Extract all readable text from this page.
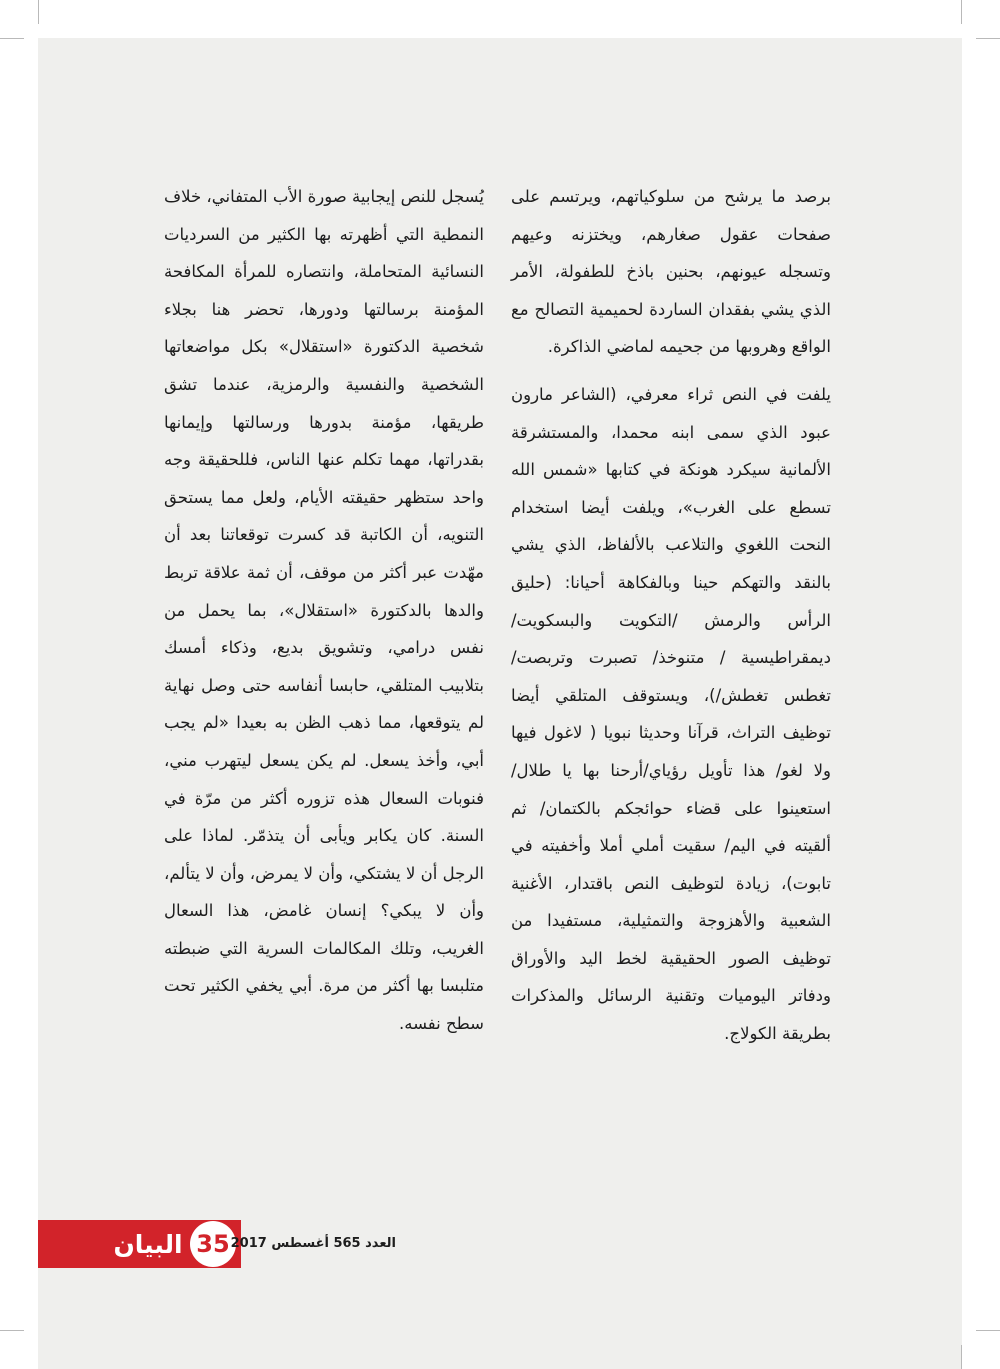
برصد ما يرشح من سلوكياتهم، ويرتسم على صفحات عقول صغارهم، ويختزنه وعيهم وتسجله عيونهم، بحنين باذخ للطفولة، الأمر الذي يشي بفقدان الساردة لحميمية التصالح مع الواقع وهروبها من جحيمه لماضي الذاكرة.

يلفت في النص ثراء معرفي، (الشاعر مارون عبود الذي سمى ابنه محمدا، والمستشرقة الألمانية سيكرد هونكة في كتابها «شمس الله تسطع على الغرب»، ويلفت أيضا استخدام النحت اللغوي والتلاعب بالألفاظ، الذي يشي بالنقد والتهكم حينا وبالفكاهة أحيانا: (حليق الرأس والرمش /التكويت والبسكويت/ ديمقراطيسية / متنوخذ/ تصبرت وتربصت/تغطس تغطش/)، ويستوقف المتلقي أيضا توظيف التراث، قرآنا وحديثا نبويا ( لاغول فيها ولا لغو/ هذا تأويل رؤياي/أرحنا بها يا طلال/استعينوا على قضاء حوائجكم بالكتمان/ ثم ألقيته في اليم/ سقيت أملي أملا وأخفيته في تابوت)، زيادة لتوظيف النص باقتدار، الأغنية الشعبية والأهزوجة والتمثيلية، مستفيدا من توظيف الصور الحقيقية لخط اليد والأوراق ودفاتر اليوميات وتقنية الرسائل والمذكرات بطريقة الكولاج.

يُسجل للنص إيجابية صورة الأب المتفاني، خلاف النمطية التي أظهرته بها الكثير من السرديات النسائية المتحاملة، وانتصاره للمرأة المكافحة المؤمنة برسالتها ودورها، تحضر هنا بجلاء شخصية الدكتورة «استقلال» بكل مواضعاتها الشخصية والنفسية والرمزية، عندما تشق طريقها، مؤمنة بدورها ورسالتها وإيمانها بقدراتها، مهما تكلم عنها الناس، فللحقيقة وجه واحد ستظهر حقيقته الأيام، ولعل مما يستحق التنويه، أن الكاتبة قد كسرت توقعاتنا بعد أن مهّدت عبر أكثر من موقف، أن ثمة علاقة تربط والدها بالدكتورة «استقلال»، بما يحمل من نفس درامي، وتشويق بديع، وذكاء أمسك بتلابيب المتلقي، حابسا أنفاسه حتى وصل نهاية لم يتوقعها، مما ذهب الظن به بعيدا «لم يجب أبي، وأخذ يسعل. لم يكن يسعل ليتهرب مني، فنوبات السعال هذه تزوره أكثر من مرّة في السنة. كان يكابر ويأبى أن يتذمّر. لماذا على الرجل أن لا يشتكي، وأن لا يمرض، وأن لا يتألم، وأن لا يبكي؟ إنسان غامض، هذا السعال الغريب، وتلك المكالمات السرية التي ضبطته متلبسا بها أكثر من مرة. أبي يخفي الكثير تحت سطح نفسه.

البيان 35 العدد 565 أغسطس 2017
